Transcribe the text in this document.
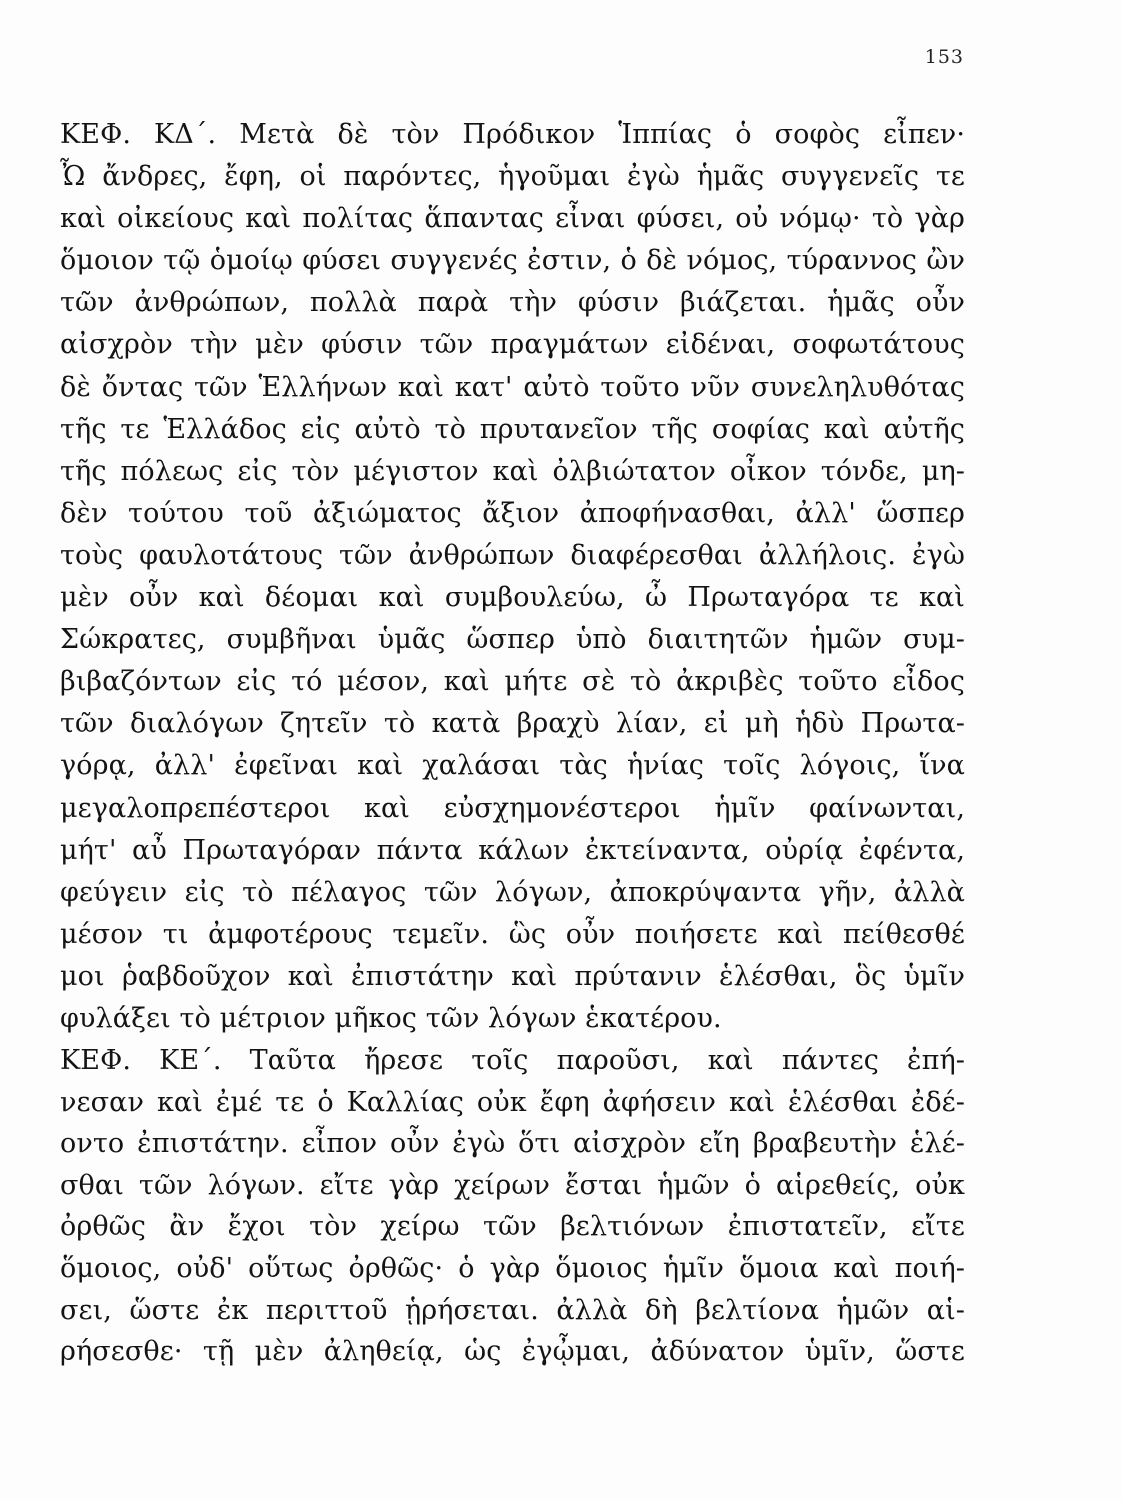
153
ΚΕΦ. ΚΔ΄. Μετὰ δὲ τὸν Πρόδικον Ἱππίας ὁ σοφὸς εἶπεν·
Ὦ ἄνδρες, ἔφη, οἱ παρόντες, ἡγοῦμαι ἐγὼ ἡμᾶς συγγενεῖς τε
καὶ οἰκείους καὶ πολίτας ἅπαντας εἶναι φύσει, οὐ νόμῳ· τὸ γὰρ
ὅμοιον τῷ ὁμοίῳ φύσει συγγενές ἐστιν, ὁ δὲ νόμος, τύραννος ὢν
τῶν ἀνθρώπων, πολλὰ παρὰ τὴν φύσιν βιάζεται. ἡμᾶς οὖν
αἰσχρὸν τὴν μὲν φύσιν τῶν πραγμάτων εἰδέναι, σοφωτάτους
δὲ ὄντας τῶν Ἑλλήνων καὶ κατ' αὐτὸ τοῦτο νῦν συνεληλυθότας
τῆς τε Ἑλλάδος εἰς αὐτὸ τὸ πρυτανεῖον τῆς σοφίας καὶ αὐτῆς
τῆς πόλεως εἰς τὸν μέγιστον καὶ ὀλβιώτατον οἶκον τόνδε, μη-
δὲν τούτου τοῦ ἀξιώματος ἄξιον ἀποφήνασθαι, ἀλλ' ὥσπερ
τοὺς φαυλοτάτους τῶν ἀνθρώπων διαφέρεσθαι ἀλλήλοις. ἐγὼ
μὲν οὖν καὶ δέομαι καὶ συμβουλεύω, ὦ Πρωταγόρα τε καὶ
Σώκρατες, συμβῆναι ὑμᾶς ὥσπερ ὑπὸ διαιτητῶν ἡμῶν συμ-
βιβαζόντων εἰς τό μέσον, καὶ μήτε σὲ τὸ ἀκριβὲς τοῦτο εἶδος
τῶν διαλόγων ζητεῖν τὸ κατὰ βραχὺ λίαν, εἰ μὴ ἡδὺ Πρωτα-
γόρᾳ, ἀλλ' ἐφεῖναι καὶ χαλάσαι τὰς ἡνίας τοῖς λόγοις, ἵνα
μεγαλοπρεπέστεροι καὶ εὐσχημονέστεροι ἡμῖν φαίνωνται,
μήτ' αὖ Πρωταγόραν πάντα κάλων ἐκτείναντα, οὐρίᾳ ἐφέντα,
φεύγειν εἰς τὸ πέλαγος τῶν λόγων, ἀποκρύψαντα γῆν, ἀλλὰ
μέσον τι ἀμφοτέρους τεμεῖν. ὣς οὖν ποιήσετε καὶ πείθεσθέ
μοι ῥαβδοῦχον καὶ ἐπιστάτην καὶ πρύτανιν ἑλέσθαι, ὃς ὑμῖν
φυλάξει τὸ μέτριον μῆκος τῶν λόγων ἑκατέρου.
ΚΕΦ. ΚΕ΄. Ταῦτα ἤρεσε τοῖς παροῦσι, καὶ πάντες ἐπή-
νεσαν καὶ ἐμέ τε ὁ Καλλίας οὐκ ἔφη ἀφήσειν καὶ ἑλέσθαι ἐδέ-
οντο ἐπιστάτην. εἶπον οὖν ἐγὼ ὅτι αἰσχρὸν εἴη βραβευτὴν ἑλέ-
σθαι τῶν λόγων. εἴτε γὰρ χείρων ἔσται ἡμῶν ὁ αἱρεθείς, οὐκ
ὀρθῶς ἂν ἔχοι τὸν χείρω τῶν βελτιόνων ἐπιστατεῖν, εἴτε
ὅμοιος, οὐδ' οὕτως ὀρθῶς· ὁ γὰρ ὅμοιος ἡμῖν ὅμοια καὶ ποιή-
σει, ὥστε ἐκ περιττοῦ ᾑρήσεται. ἀλλὰ δὴ βελτίονα ἡμῶν αἱ-
ρήσεσθε· τῇ μὲν ἀληθείᾳ, ὡς ἐγᾦμαι, ἀδύνατον ὑμῖν, ὥστε
